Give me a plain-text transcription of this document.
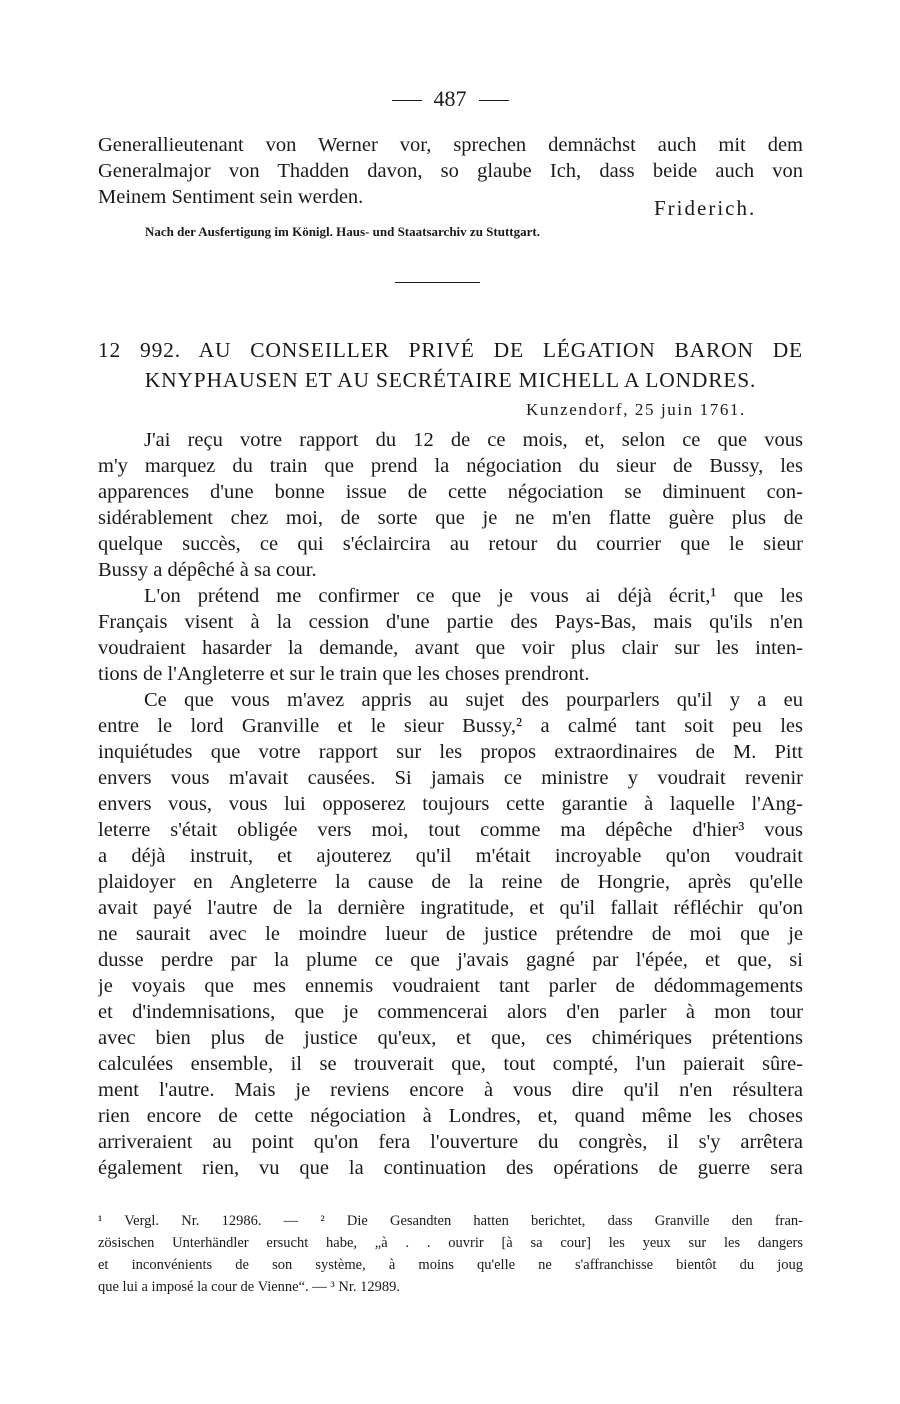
487
Generallieutenant von Werner vor, sprechen demnächst auch mit dem
Generalmajor von Thadden davon, so glaube Ich, dass beide auch von
Meinem Sentiment sein werden.	Friderich.
Nach der Ausfertigung im Königl. Haus- und Staatsarchiv zu Stuttgart.
12 992. AU CONSEILLER PRIVÉ DE LÉGATION BARON DE
KNYPHAUSEN ET AU SECRÉTAIRE MICHELL A LONDRES.
Kunzendorf, 25 juin 1761.
J'ai reçu votre rapport du 12 de ce mois, et, selon ce que vous
m'y marquez du train que prend la négociation du sieur de Bussy, les
apparences d'une bonne issue de cette négociation se diminuent con-
sidérablement chez moi, de sorte que je ne m'en flatte guère plus de
quelque succès, ce qui s'éclaircira au retour du courrier que le sieur
Bussy a dépêché à sa cour.
L'on prétend me confirmer ce que je vous ai déjà écrit,¹ que les
Français visent à la cession d'une partie des Pays-Bas, mais qu'ils n'en
voudraient hasarder la demande, avant que voir plus clair sur les inten-
tions de l'Angleterre et sur le train que les choses prendront.
Ce que vous m'avez appris au sujet des pourparlers qu'il y a eu
entre le lord Granville et le sieur Bussy,² a calmé tant soit peu les
inquiétudes que votre rapport sur les propos extraordinaires de M. Pitt
envers vous m'avait causées. Si jamais ce ministre y voudrait revenir
envers vous, vous lui opposerez toujours cette garantie à laquelle l'Ang-
leterre s'était obligée vers moi, tout comme ma dépêche d'hier³ vous
a déjà instruit, et ajouterez qu'il m'était incroyable qu'on voudrait
plaidoyer en Angleterre la cause de la reine de Hongrie, après qu'elle
avait payé l'autre de la dernière ingratitude, et qu'il fallait réfléchir qu'on
ne saurait avec le moindre lueur de justice prétendre de moi que je
dusse perdre par la plume ce que j'avais gagné par l'épée, et que, si
je voyais que mes ennemis voudraient tant parler de dédommagements
et d'indemnisations, que je commencerai alors d'en parler à mon tour
avec bien plus de justice qu'eux, et que, ces chimériques prétentions
calculées ensemble, il se trouverait que, tout compté, l'un paierait sûre-
ment l'autre. Mais je reviens encore à vous dire qu'il n'en résultera
rien encore de cette négociation à Londres, et, quand même les choses
arriveraient au point qu'on fera l'ouverture du congrès, il s'y arrêtera
également rien, vu que la continuation des opérations de guerre sera
¹ Vergl. Nr. 12986. — ² Die Gesandten hatten berichtet, dass Granville den fran-
zösischen Unterhändler ersucht habe, „à . . ouvrir [à sa cour] les yeux sur les dangers
et inconvénients de son système, à moins qu'elle ne s'affranchisse bientôt du joug
que lui a imposé la cour de Vienne“. — ³ Nr. 12989.
